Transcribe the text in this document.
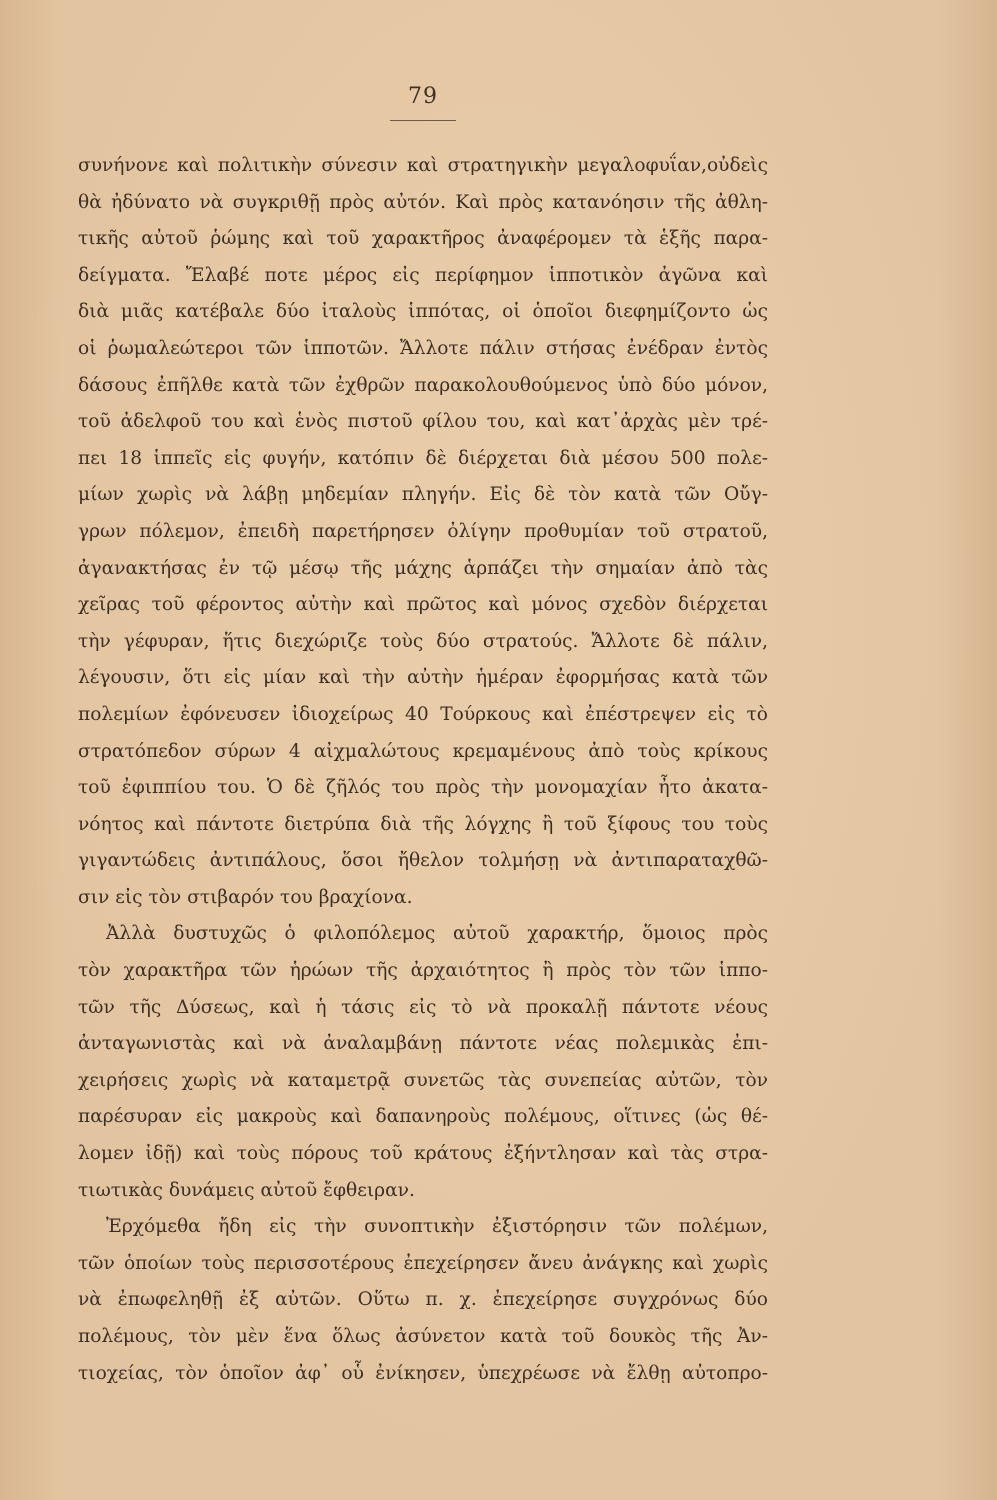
79
συνήνονε καὶ πολιτικὴν σύνεσιν καὶ στρατηγικὴν μεγαλοφυΐαν,οὐδεὶς
θὰ ἠδύνατο νὰ συγκριθῇ πρὸς αὐτόν. Καὶ πρὸς κατανόησιν τῆς ἀθλη-
τικῆς αὐτοῦ ῥώμης καὶ τοῦ χαρακτῆρος ἀναφέρομεν τὰ ἑξῆς παρα-
δείγματα. Ἔλαβέ ποτε μέρος εἰς περίφημον ἱπποτικὸν ἀγῶνα καὶ
διὰ μιᾶς κατέβαλε δύο ἰταλοὺς ἱππότας, οἱ ὁποῖοι διεφημίζοντο ὡς
οἱ ῥωμαλεώτεροι τῶν ἱπποτῶν. Ἄλλοτε πάλιν στήσας ἐνέδραν ἐντὸς
δάσους ἐπῆλθε κατὰ τῶν ἐχθρῶν παρακολουθούμενος ὑπὸ δύο μόνον,
τοῦ ἀδελφοῦ του καὶ ἑνὸς πιστοῦ φίλου του, καὶ κατ᾽ἀρχὰς μὲν τρέ-
πει 18 ἱππεῖς εἰς φυγήν, κατόπιν δὲ διέρχεται διὰ μέσου 500 πολε-
μίων χωρὶς νὰ λάβῃ μηδεμίαν πληγήν. Εἰς δὲ τὸν κατὰ τῶν Οὔγ-
γρων πόλεμον, ἐπειδὴ παρετήρησεν ὀλίγην προθυμίαν τοῦ στρατοῦ,
ἀγανακτήσας ἐν τῷ μέσῳ τῆς μάχης ἁρπάζει τὴν σημαίαν ἀπὸ τὰς
χεῖρας τοῦ φέροντος αὐτὴν καὶ πρῶτος καὶ μόνος σχεδὸν διέρχεται
τὴν γέφυραν, ἥτις διεχώριζε τοὺς δύο στρατούς. Ἄλλοτε δὲ πάλιν,
λέγουσιν, ὅτι εἰς μίαν καὶ τὴν αὐτὴν ἡμέραν ἐφορμήσας κατὰ τῶν
πολεμίων ἐφόνευσεν ἰδιοχείρως 40 Τούρκους καὶ ἐπέστρεψεν εἰς τὸ
στρατόπεδον σύρων 4 αἰχμαλώτους κρεμαμένους ἀπὸ τοὺς κρίκους
τοῦ ἐφιππίου του. Ὁ δὲ ζῆλός του πρὸς τὴν μονομαχίαν ἦτο ἀκατα-
νόητος καὶ πάντοτε διετρύπα διὰ τῆς λόγχης ἢ τοῦ ξίφους του τοὺς
γιγαντώδεις ἀντιπάλους, ὅσοι ἤθελον τολμήσῃ νὰ ἀντιπαραταχθῶ-
σιν εἰς τὸν στιβαρόν του βραχίονα.
Ἀλλὰ δυστυχῶς ὁ φιλοπόλεμος αὐτοῦ χαρακτήρ, ὅμοιος πρὸς
τὸν χαρακτῆρα τῶν ἡρώων τῆς ἀρχαιότητος ἢ πρὸς τὸν τῶν ἱππο-
τῶν τῆς Δύσεως, καὶ ἡ τάσις εἰς τὸ νὰ προκαλῇ πάντοτε νέους
ἀνταγωνιστὰς καὶ νὰ ἀναλαμβάνῃ πάντοτε νέας πολεμικὰς ἐπι-
χειρήσεις χωρὶς νὰ καταμετρᾷ συνετῶς τὰς συνεπείας αὐτῶν, τὸν
παρέσυραν εἰς μακροὺς καὶ δαπανηροὺς πολέμους, οἵτινες (ὡς θέ-
λομεν ἰδῇ) καὶ τοὺς πόρους τοῦ κράτους ἐξήντλησαν καὶ τὰς στρα-
τιωτικὰς δυνάμεις αὐτοῦ ἔφθειραν.
Ἐρχόμεθα ἤδη εἰς τὴν συνοπτικὴν ἐξιστόρησιν τῶν πολέμων,
τῶν ὁποίων τοὺς περισσοτέρους ἐπεχείρησεν ἄνευ ἀνάγκης καὶ χωρὶς
νὰ ἐπωφεληθῇ ἐξ αὐτῶν. Οὕτω π. χ. ἐπεχείρησε συγχρόνως δύο
πολέμους, τὸν μὲν ἕνα ὅλως ἀσύνετον κατὰ τοῦ δουκὸς τῆς Ἀν-
τιοχείας, τὸν ὁποῖον ἀφ᾽ οὗ ἐνίκησεν, ὑπεχρέωσε νὰ ἔλθῃ αὐτοπρο-
